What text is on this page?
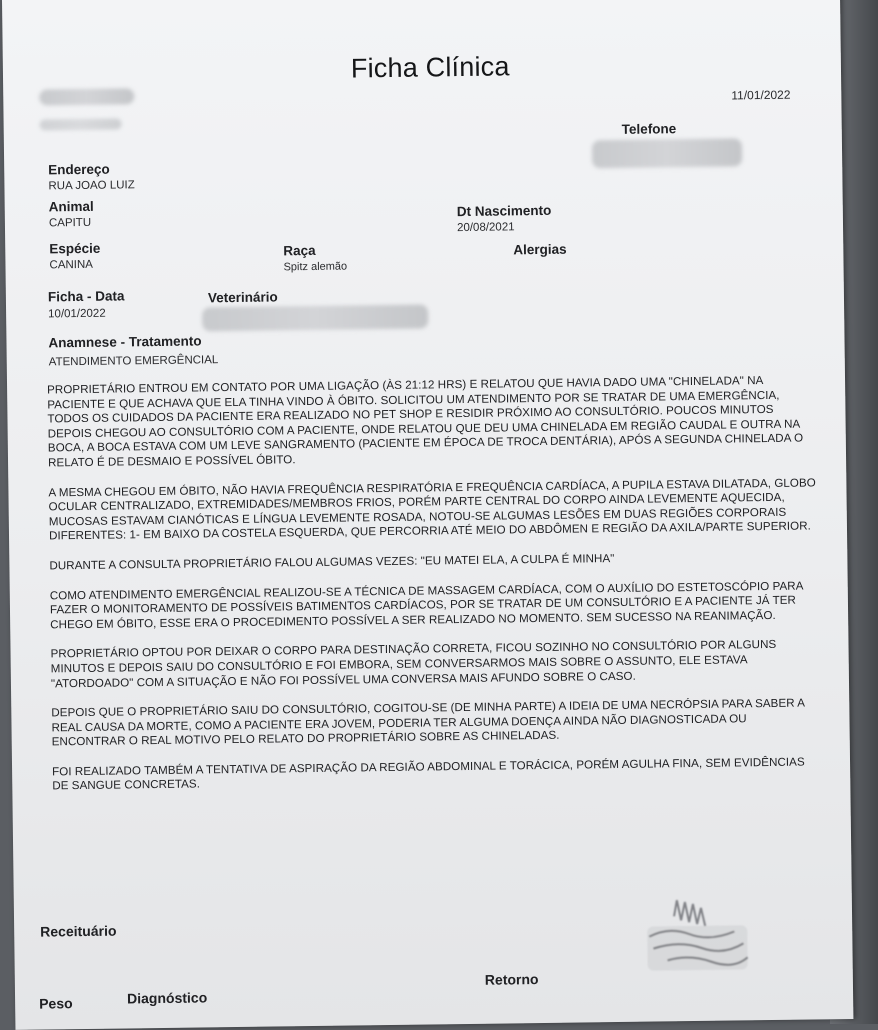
Ficha Clínica
11/01/2022
Telefone
Endereço
RUA JOAO LUIZ
Animal
CAPITU
Dt Nascimento
20/08/2021
Espécie
CANINA
Raça
Spitz alemão
Alergias
Ficha - Data
10/01/2022
Veterinário
Anamnese - Tratamento
ATENDIMENTO EMERGÊNCIAL

PROPRIETÁRIO ENTROU EM CONTATO POR UMA LIGAÇÃO (ÀS 21:12 HRS) E RELATOU QUE HAVIA DADO UMA "CHINELADA" NA PACIENTE E QUE ACHAVA QUE ELA TINHA VINDO À ÓBITO. SOLICITOU UM ATENDIMENTO POR SE TRATAR DE UMA EMERGÊNCIA, TODOS OS CUIDADOS DA PACIENTE ERA REALIZADO NO PET SHOP E RESIDIR PRÓXIMO AO CONSULTÓRIO. POUCOS MINUTOS DEPOIS CHEGOU AO CONSULTÓRIO COM A PACIENTE, ONDE RELATOU QUE DEU UMA CHINELADA EM REGIÃO CAUDAL E OUTRA NA BOCA, A BOCA ESTAVA COM UM LEVE SANGRAMENTO (PACIENTE EM ÉPOCA DE TROCA DENTÁRIA), APÓS A SEGUNDA CHINELADA O RELATO É DE DESMAIO E POSSÍVEL ÓBITO.

A MESMA CHEGOU EM ÓBITO, NÃO HAVIA FREQUÊNCIA RESPIRATÓRIA E FREQUÊNCIA CARDÍACA, A PUPILA ESTAVA DILATADA, GLOBO OCULAR CENTRALIZADO, EXTREMIDADES/MEMBROS FRIOS, PORÉM PARTE CENTRAL DO CORPO AINDA LEVEMENTE AQUECIDA, MUCOSAS ESTAVAM CIANÓTICAS E LÍNGUA LEVEMENTE ROSADA, NOTOU-SE ALGUMAS LESÕES EM DUAS REGIÕES CORPORAIS DIFERENTES: 1- EM BAIXO DA COSTELA ESQUERDA, QUE PERCORRIA ATÉ MEIO DO ABDÔMEN E REGIÃO DA AXILA/PARTE SUPERIOR.

DURANTE A CONSULTA PROPRIETÁRIO FALOU ALGUMAS VEZES: "EU MATEI ELA, A CULPA É MINHA"

COMO ATENDIMENTO EMERGÊNCIAL REALIZOU-SE A TÉCNICA DE MASSAGEM CARDÍACA, COM O AUXÍLIO DO ESTETOSCÓPIO PARA FAZER O MONITORAMENTO DE POSSÍVEIS BATIMENTOS CARDÍACOS, POR SE TRATAR DE UM CONSULTÓRIO E A PACIENTE JÁ TER CHEGO EM ÓBITO, ESSE ERA O PROCEDIMENTO POSSÍVEL A SER REALIZADO NO MOMENTO. SEM SUCESSO NA REANIMAÇÃO.

PROPRIETÁRIO OPTOU POR DEIXAR O CORPO PARA DESTINAÇÃO CORRETA, FICOU SOZINHO NO CONSULTÓRIO POR ALGUNS MINUTOS E DEPOIS SAIU DO CONSULTÓRIO E FOI EMBORA, SEM CONVERSARMOS MAIS SOBRE O ASSUNTO, ELE ESTAVA "ATORDOADO" COM A SITUAÇÃO E NÃO FOI POSSÍVEL UMA CONVERSA MAIS AFUNDO SOBRE O CASO.

DEPOIS QUE O PROPRIETÁRIO SAIU DO CONSULTÓRIO, COGITOU-SE (DE MINHA PARTE) A IDEIA DE UMA NECRÓPSIA PARA SABER A REAL CAUSA DA MORTE, COMO A PACIENTE ERA JOVEM, PODERIA TER ALGUMA DOENÇA AINDA NÃO DIAGNOSTICADA OU ENCONTRAR O REAL MOTIVO PELO RELATO DO PROPRIETÁRIO SOBRE AS CHINELADAS.

FOI REALIZADO TAMBÉM A TENTATIVA DE ASPIRAÇÃO DA REGIÃO ABDOMINAL E TORÁCICA, PORÉM AGULHA FINA, SEM EVIDÊNCIAS DE SANGUE CONCRETAS.

Receituário
Retorno
Peso	Diagnóstico
